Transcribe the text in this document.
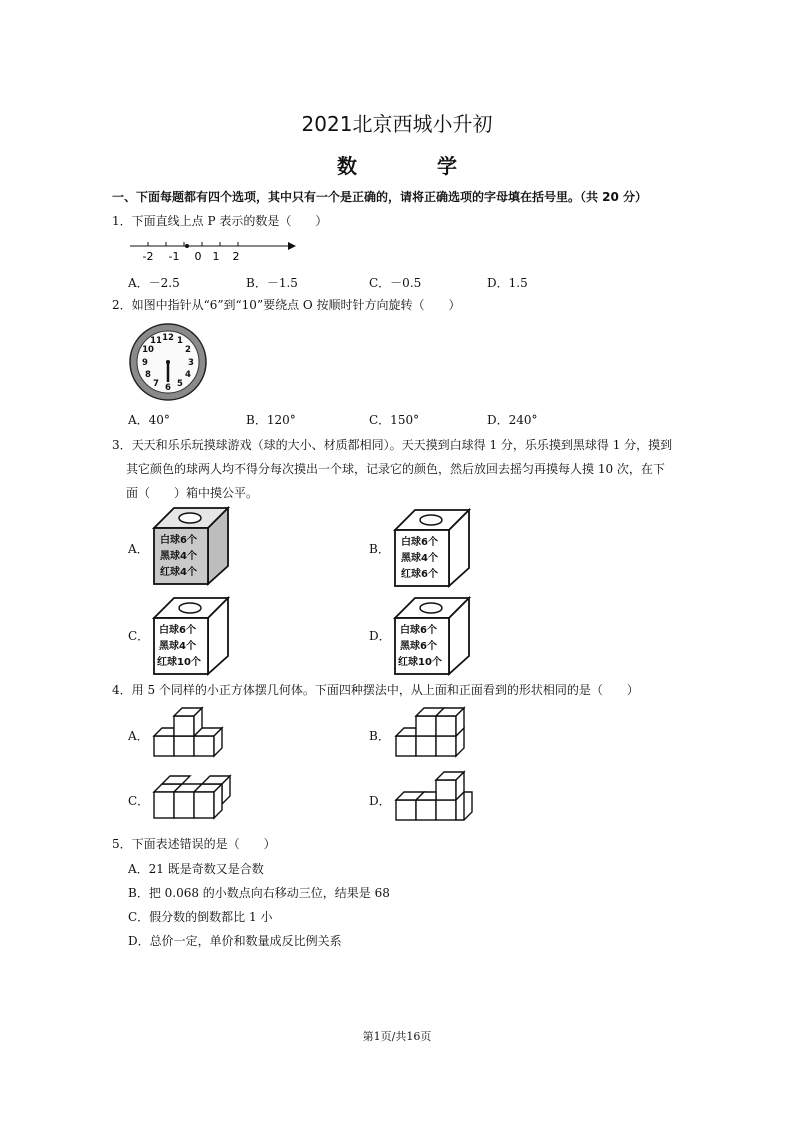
2021北京西城小升初
数　学
一、下面每题都有四个选项，其中只有一个是正确的，请将正确选项的字母填在括号里。（共 20 分）
1．下面直线上点 P 表示的数是（　　）
-2 -1 0 1 2
A．－2.5	B．－1.5	C．－0.5	D．1.5
2．如图中指针从“6”到“10”要绕点 O 按顺时针方向旋转（　　）
12 1
2
3
4
5
6
7
8
9
10
11
A．40°	B．120°	C．150°	D．240°
3．天天和乐乐玩摸球游戏（球的大小、材质都相同）。天天摸到白球得 1 分，乐乐摸到黑球得 1 分，摸到
其它颜色的球两人均不得分每次摸出一个球，记录它的颜色，然后放回去摇匀再摸每人摸 10 次，在下
面（　　）箱中摸公平。
A．
白球6个
黑球4个
红球4个
B． 白球6个
黑球4个
红球6个
C． 白球6个
黑球4个
红球10个
D． 白球6个
黑球6个
红球10个
4．用 5 个同样的小正方体摆几何体。下面四种摆法中，从上面和正面看到的形状相同的是（　　）
A．	B．
C．	D．
5．下面表述错误的是（　　）
A．21 既是奇数又是合数
B．把 0.068 的小数点向右移动三位，结果是 68
C．假分数的倒数都比 1 小
D．总价一定，单价和数量成反比例关系
第1页/共16页
